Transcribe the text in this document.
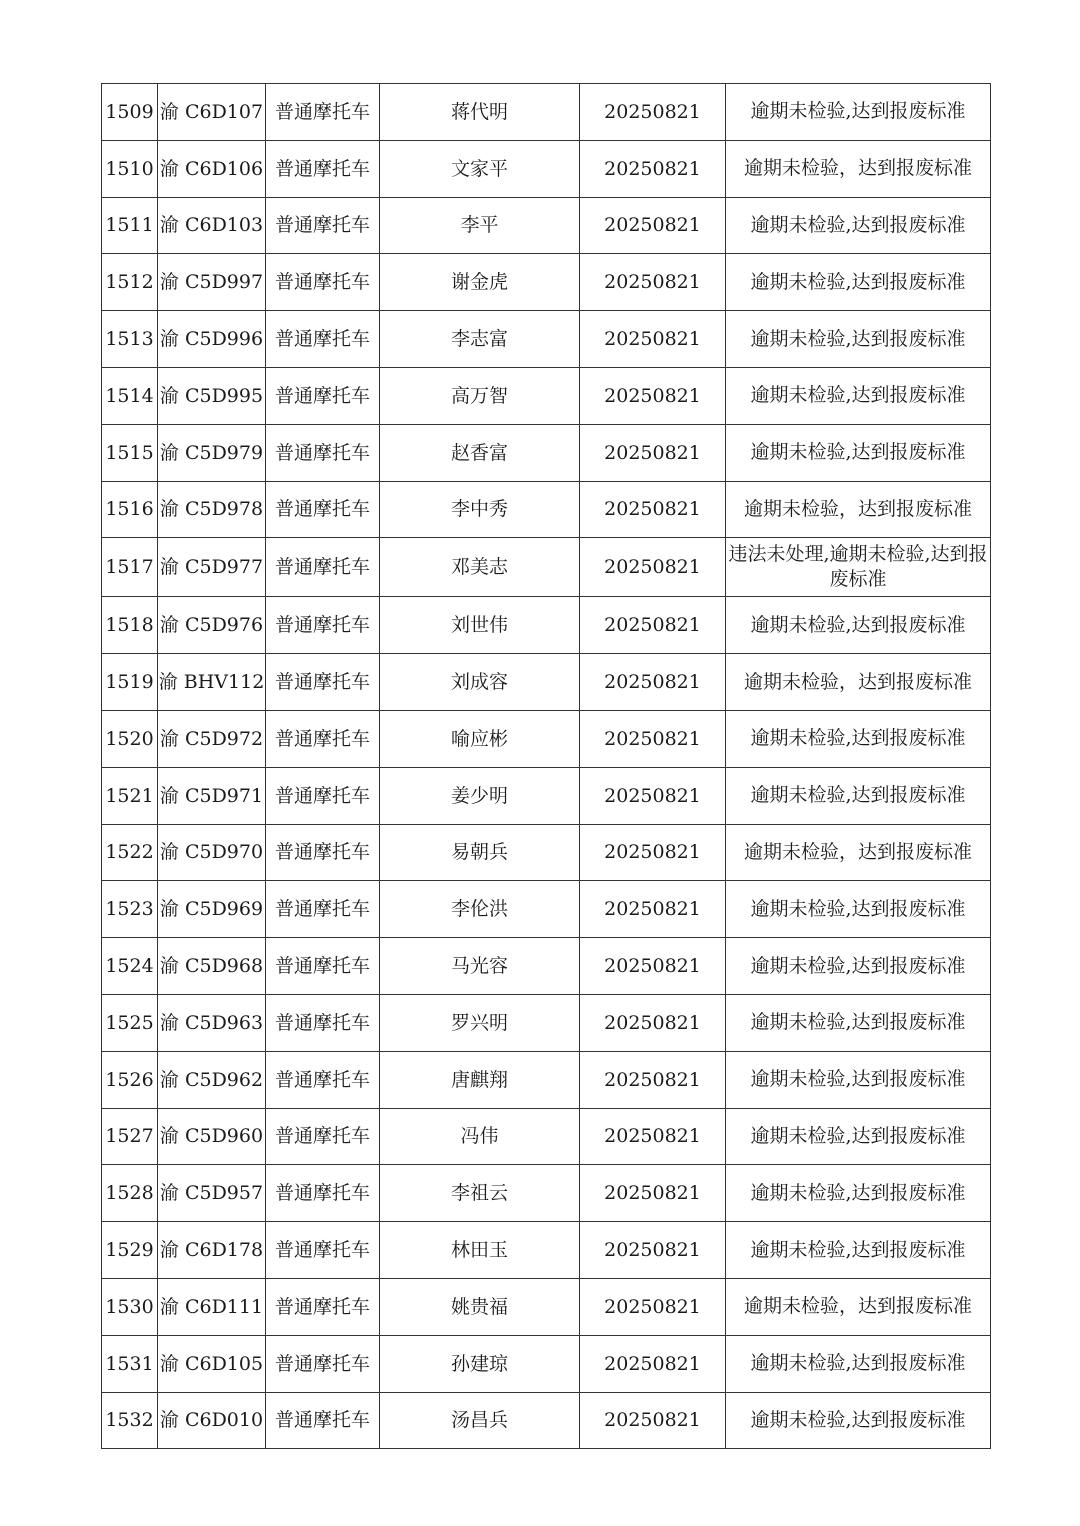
1509	渝 C6D107	普通摩托车	蒋代明	20250821	逾期未检验,达到报废标准
1510	渝 C6D106	普通摩托车	文家平	20250821	逾期未检验，达到报废标准
1511	渝 C6D103	普通摩托车	李平	20250821	逾期未检验,达到报废标准
1512	渝 C5D997	普通摩托车	谢金虎	20250821	逾期未检验,达到报废标准
1513	渝 C5D996	普通摩托车	李志富	20250821	逾期未检验,达到报废标准
1514	渝 C5D995	普通摩托车	高万智	20250821	逾期未检验,达到报废标准
1515	渝 C5D979	普通摩托车	赵香富	20250821	逾期未检验,达到报废标准
1516	渝 C5D978	普通摩托车	李中秀	20250821	逾期未检验，达到报废标准
1517	渝 C5D977	普通摩托车	邓美志	20250821	违法未处理,逾期未检验,达到报废标准
1518	渝 C5D976	普通摩托车	刘世伟	20250821	逾期未检验,达到报废标准
1519	渝 BHV112	普通摩托车	刘成容	20250821	逾期未检验，达到报废标准
1520	渝 C5D972	普通摩托车	喻应彬	20250821	逾期未检验,达到报废标准
1521	渝 C5D971	普通摩托车	姜少明	20250821	逾期未检验,达到报废标准
1522	渝 C5D970	普通摩托车	易朝兵	20250821	逾期未检验，达到报废标准
1523	渝 C5D969	普通摩托车	李伦洪	20250821	逾期未检验,达到报废标准
1524	渝 C5D968	普通摩托车	马光容	20250821	逾期未检验,达到报废标准
1525	渝 C5D963	普通摩托车	罗兴明	20250821	逾期未检验,达到报废标准
1526	渝 C5D962	普通摩托车	唐麒翔	20250821	逾期未检验,达到报废标准
1527	渝 C5D960	普通摩托车	冯伟	20250821	逾期未检验,达到报废标准
1528	渝 C5D957	普通摩托车	李祖云	20250821	逾期未检验,达到报废标准
1529	渝 C6D178	普通摩托车	林田玉	20250821	逾期未检验,达到报废标准
1530	渝 C6D111	普通摩托车	姚贵福	20250821	逾期未检验，达到报废标准
1531	渝 C6D105	普通摩托车	孙建琼	20250821	逾期未检验,达到报废标准
1532	渝 C6D010	普通摩托车	汤昌兵	20250821	逾期未检验,达到报废标准
